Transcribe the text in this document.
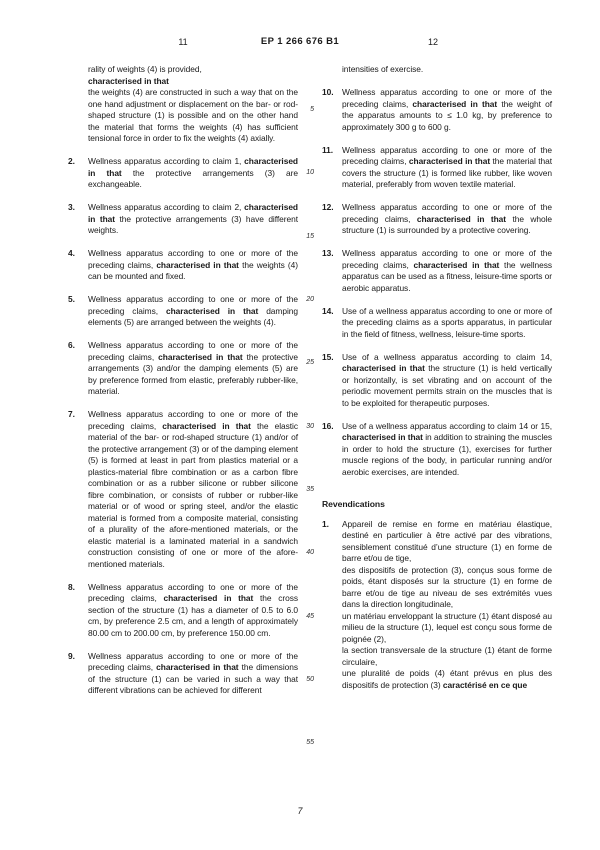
11	EP 1 266 676 B1	12
5
10
15
20
25
30
35
40
45
50
55

rality of weights (4) is provided,
characterised in that
the weights (4) are constructed in such a way that on the one hand adjustment or displacement on the bar- or rod-shaped structure (1) is possible and on the other hand the material that forms the weights (4) has sufficient tensional force in order to fix the weights (4) axially.

2.	Wellness apparatus according to claim 1, characterised in that the protective arrangements (3) are exchangeable.
3.	Wellness apparatus according to claim 2, characterised in that the protective arrangements (3) have different weights.
4.	Wellness apparatus according to one or more of the preceding claims, characterised in that the weights (4) can be mounted and fixed.
5.	Wellness apparatus according to one or more of the preceding claims, characterised in that damping elements (5) are arranged between the weights (4).
6.	Wellness apparatus according to one or more of the preceding claims, characterised in that the protective arrangements (3) and/or the damping elements (5) are by preference formed from elastic, preferably rubber-like, material.
7.	Wellness apparatus according to one or more of the preceding claims, characterised in that the elastic material of the bar- or rod-shaped structure (1) and/or of the protective arrangement (3) or of the damping element (5) is formed at least in part from plastics material or a plastics-material fibre combination or as a carbon fibre combination or as a rubber silicone or rubber silicone fibre combination, or consists of rubber or rubber-like material or of wood or spring steel, and/or the elastic material is formed from a composite material, consisting of a plurality of the afore-mentioned materials, or the elastic material is a laminated material in a sandwich construction consisting of one or more of the afore-mentioned materials.
8.	Wellness apparatus according to one or more of the preceding claims, characterised in that the cross section of the structure (1) has a diameter of 0.5 to 6.0 cm, by preference 2.5 cm, and a length of approximately 80.00 cm to 200.00 cm, by preference 150.00 cm.
9.	Wellness apparatus according to one or more of the preceding claims, characterised in that the dimensions of the structure (1) can be varied in such a way that different vibrations can be achieved for different

intensities of exercise.

10.	Wellness apparatus according to one or more of the preceding claims, characterised in that the weight of the apparatus amounts to ≤ 1.0 kg, by preference to approximately 300 g to 600 g.
11.	Wellness apparatus according to one or more of the preceding claims, characterised in that the material that covers the structure (1) is formed like rubber, like woven material, preferably from woven textile material.
12.	Wellness apparatus according to one or more of the preceding claims, characterised in that the whole structure (1) is surrounded by a protective covering.
13.	Wellness apparatus according to one or more of the preceding claims, characterised in that the wellness apparatus can be used as a fitness, leisure-time sports or aerobic apparatus.
14.	Use of a wellness apparatus according to one or more of the preceding claims as a sports apparatus, in particular in the field of fitness, wellness, leisure-time sports.
15.	Use of a wellness apparatus according to claim 14, characterised in that the structure (1) is held vertically or horizontally, is set vibrating and on account of the periodic movement permits strain on the muscles that is to be exploited for therapeutic purposes.
16.	Use of a wellness apparatus according to claim 14 or 15, characterised in that in addition to straining the muscles in order to hold the structure (1), exercises for further muscle regions of the body, in particular running and/or aerobic exercises, are intended.
Revendications
1.	Appareil de remise en forme en matériau élastique, destiné en particulier à être activé par des vibrations, sensiblement constitué d’une structure (1) en forme de barre et/ou de tige,
des dispositifs de protection (3), conçus sous forme de poids, étant disposés sur la structure (1) en forme de barre et/ou de tige au niveau de ses extrémités vues dans la direction longitudinale,
un matériau enveloppant la structure (1) étant disposé au milieu de la structure (1), lequel est conçu sous forme de poignée (2),
la section transversale de la structure (1) étant de forme circulaire,
une pluralité de poids (4) étant prévus en plus des dispositifs de protection (3) caractérisé en ce que
7
